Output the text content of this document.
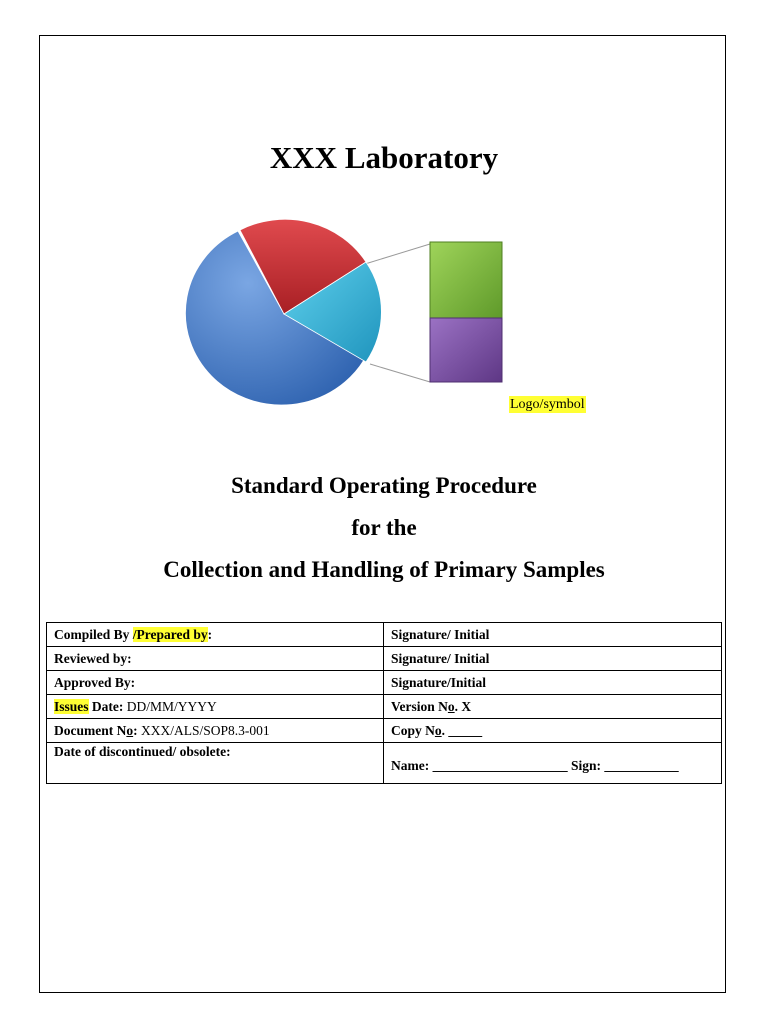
XXX Laboratory
Logo/symbol
Standard Operating Procedure
for the
Collection and Handling of Primary Samples
Compiled By /Prepared by:	Signature/ Initial
Reviewed by:	Signature/ Initial
Approved By:	Signature/Initial
Issues Date: DD/MM/YYYY	Version No. X
Document No: XXX/ALS/SOP8.3-001	Copy No. _____
Date of discontinued/ obsolete:	Name: ____________________ Sign: ___________
